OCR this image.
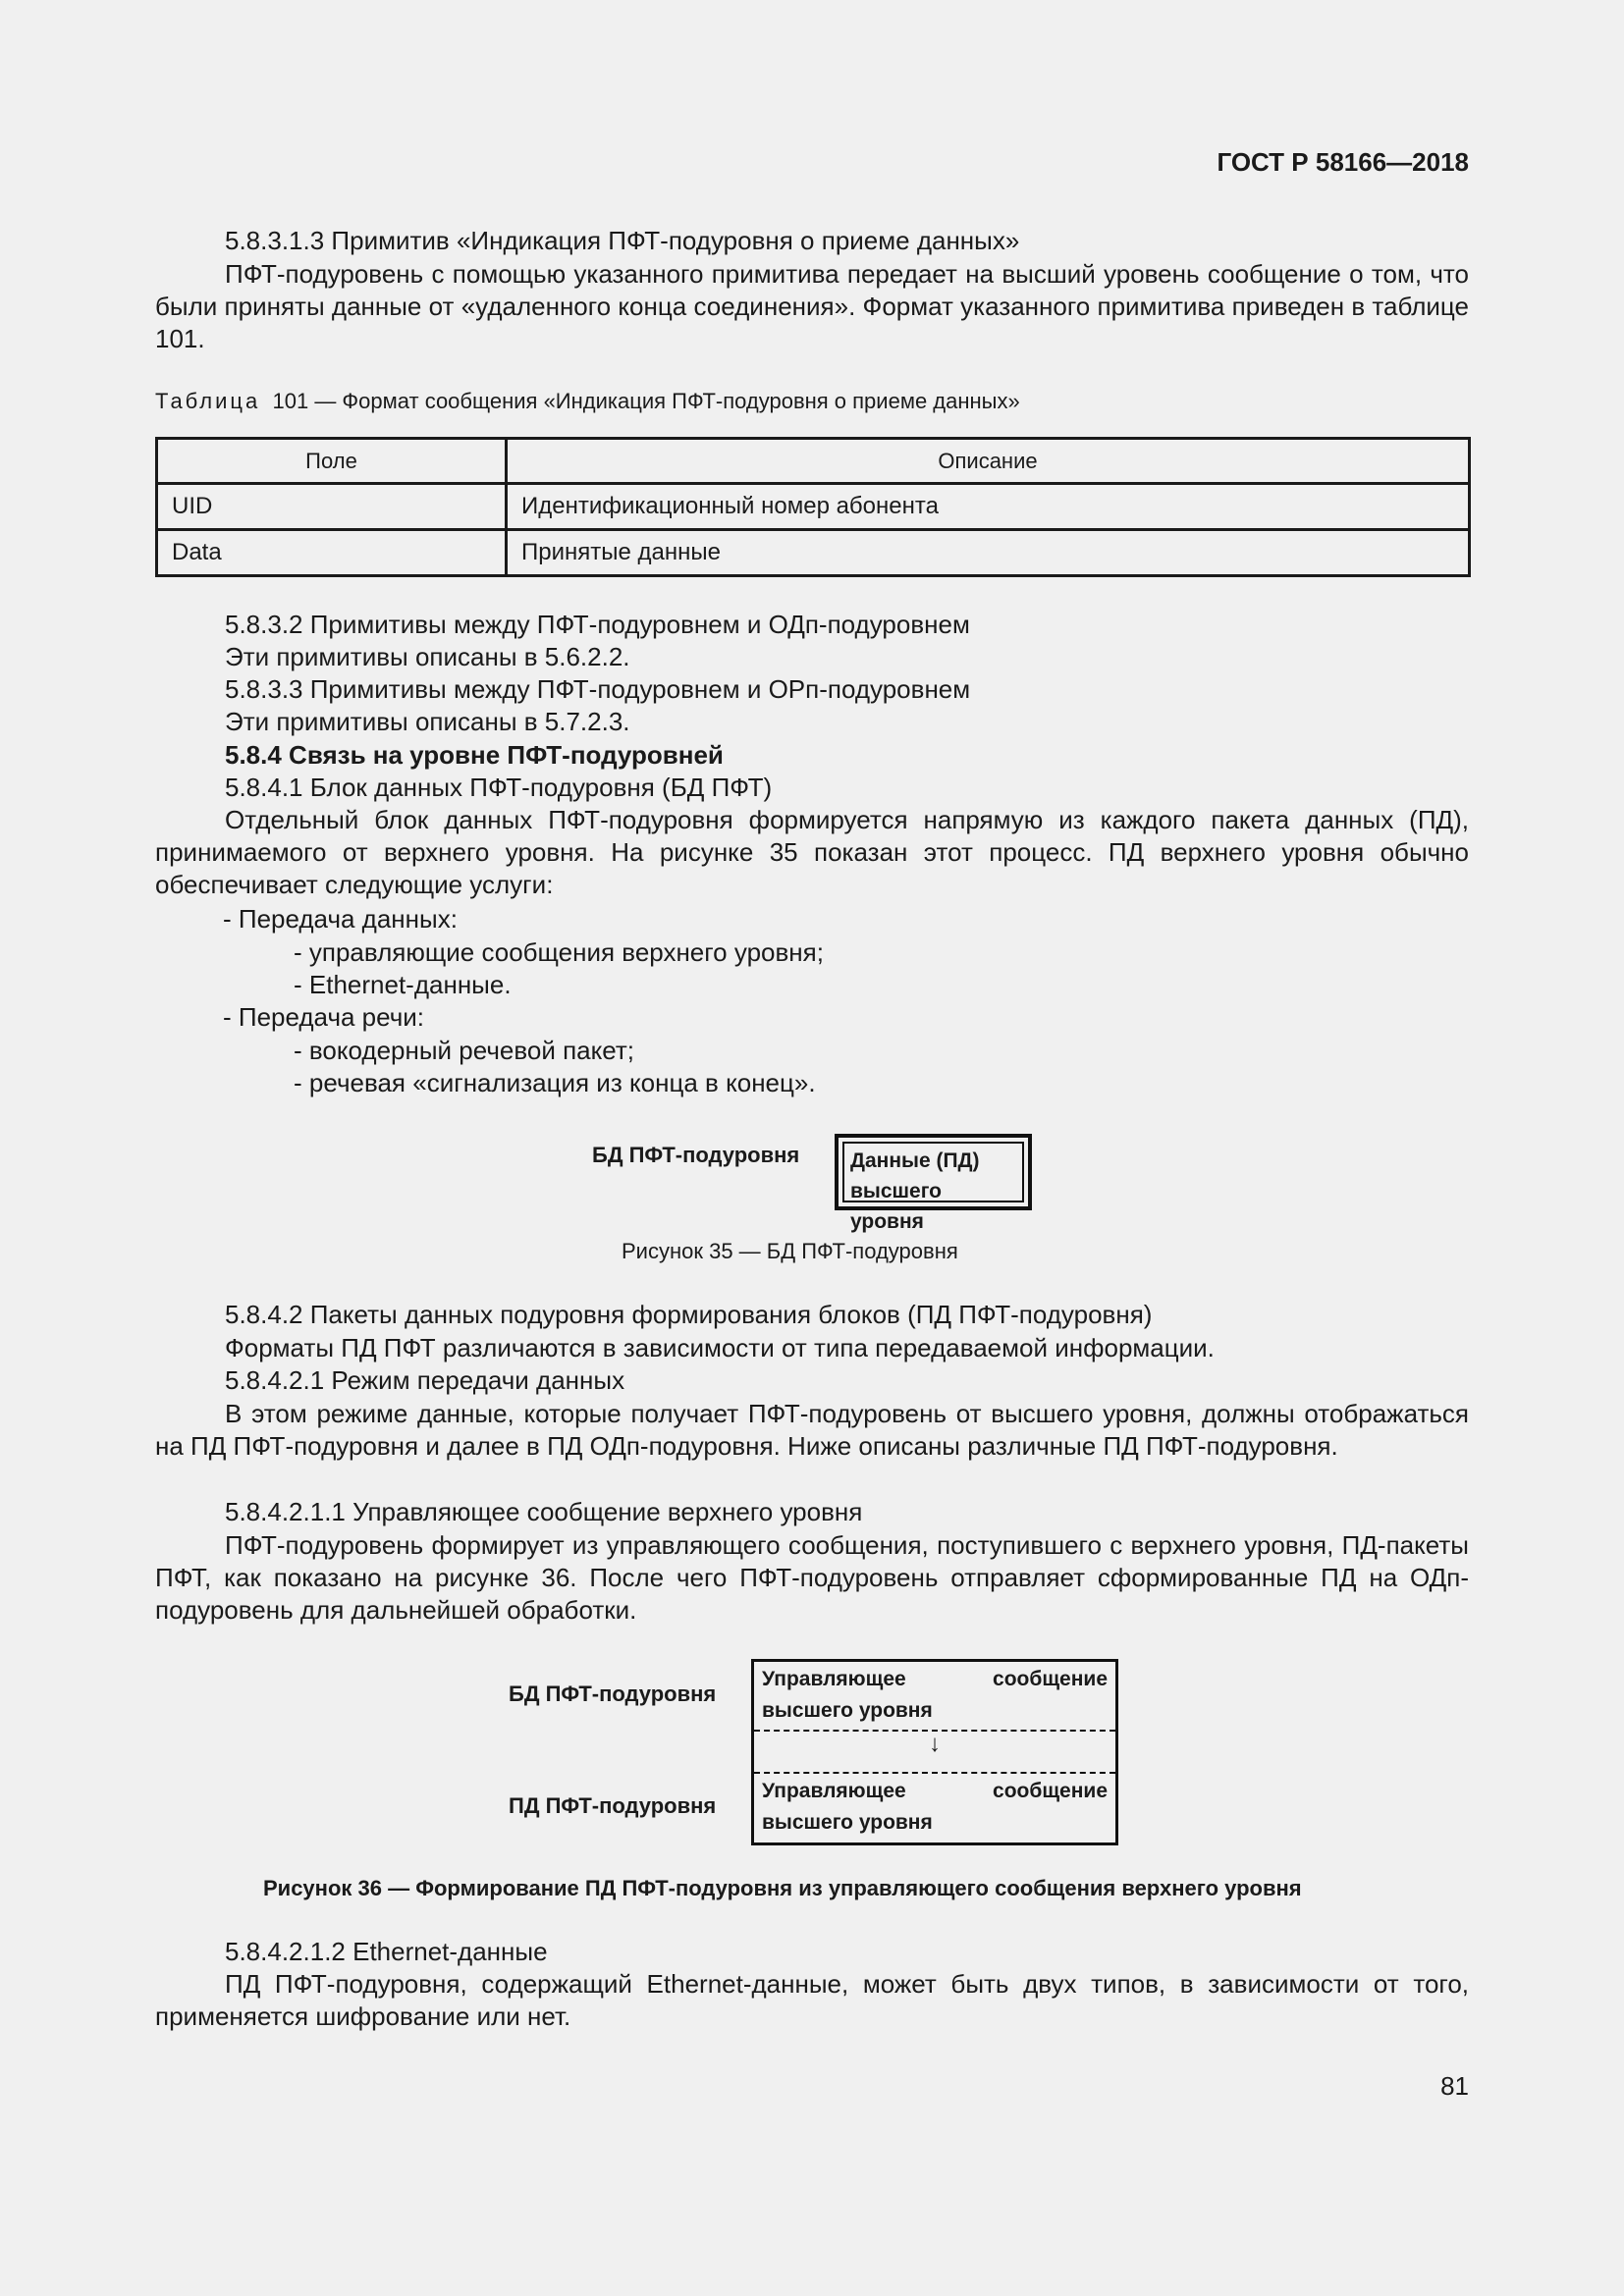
ГОСТ Р 58166—2018
5.8.3.1.3 Примитив «Индикация ПФТ-подуровня о приеме данных»

ПФТ-подуровень с помощью указанного примитива передает на высший уровень сообщение о том, что были приняты данные от «удаленного конца соединения». Формат указанного примитива приведен в таблице 101.

Таблица 101 — Формат сообщения «Индикация ПФТ-подуровня о приеме данных»
Поле	Описание
UID	Идентификационный номер абонента
Data	Принятые данные
5.8.3.2 Примитивы между ПФТ-подуровнем и ОДп-подуровнем
Эти примитивы описаны в 5.6.2.2.
5.8.3.3 Примитивы между ПФТ-подуровнем и ОРп-подуровнем
Эти примитивы описаны в 5.7.2.3.
5.8.4 Связь на уровне ПФТ-подуровней
5.8.4.1 Блок данных ПФТ-подуровня (БД ПФТ)

Отдельный блок данных ПФТ-подуровня формируется напрямую из каждого пакета данных (ПД), принимаемого от верхнего уровня. На рисунке 35 показан этот процесс. ПД верхнего уровня обычно обеспечивает следующие услуги:

- Передача данных:
- управляющие сообщения верхнего уровня;
- Ethernet-данные.
- Передача речи:
- вокодерный речевой пакет;
- речевая «сигнализация из конца в конец».
БД ПФТ-подуровня Данные (ПД)
высшего уровня
Рисунок 35 — БД ПФТ-подуровня
5.8.4.2 Пакеты данных подуровня формирования блоков (ПД ПФТ-подуровня)
Форматы ПД ПФТ различаются в зависимости от типа передаваемой информации.
5.8.4.2.1 Режим передачи данных

В этом режиме данные, которые получает ПФТ-подуровень от высшего уровня, должны отображаться на ПД ПФТ-подуровня и далее в ПД ОДп-подуровня. Ниже описаны различные ПД ПФТ-подуровня.

5.8.4.2.1.1 Управляющее сообщение верхнего уровня

ПФТ-подуровень формирует из управляющего сообщения, поступившего с верхнего уровня, ПД-пакеты ПФТ, как показано на рисунке 36. После чего ПФТ-подуровень отправляет сформированные ПД на ОДп-подуровень для дальнейшей обработки.

БД ПФТ-подуровня
ПД ПФТ-подуровня
Управляющее	сообщение
высшего уровня
↓
Управляющее	сообщение
высшего уровня
Рисунок 36 — Формирование ПД ПФТ-подуровня из управляющего сообщения верхнего уровня
5.8.4.2.1.2 Ethernet-данные

ПД ПФТ-подуровня, содержащий Ethernet-данные, может быть двух типов, в зависимости от того, применяется шифрование или нет.

81
